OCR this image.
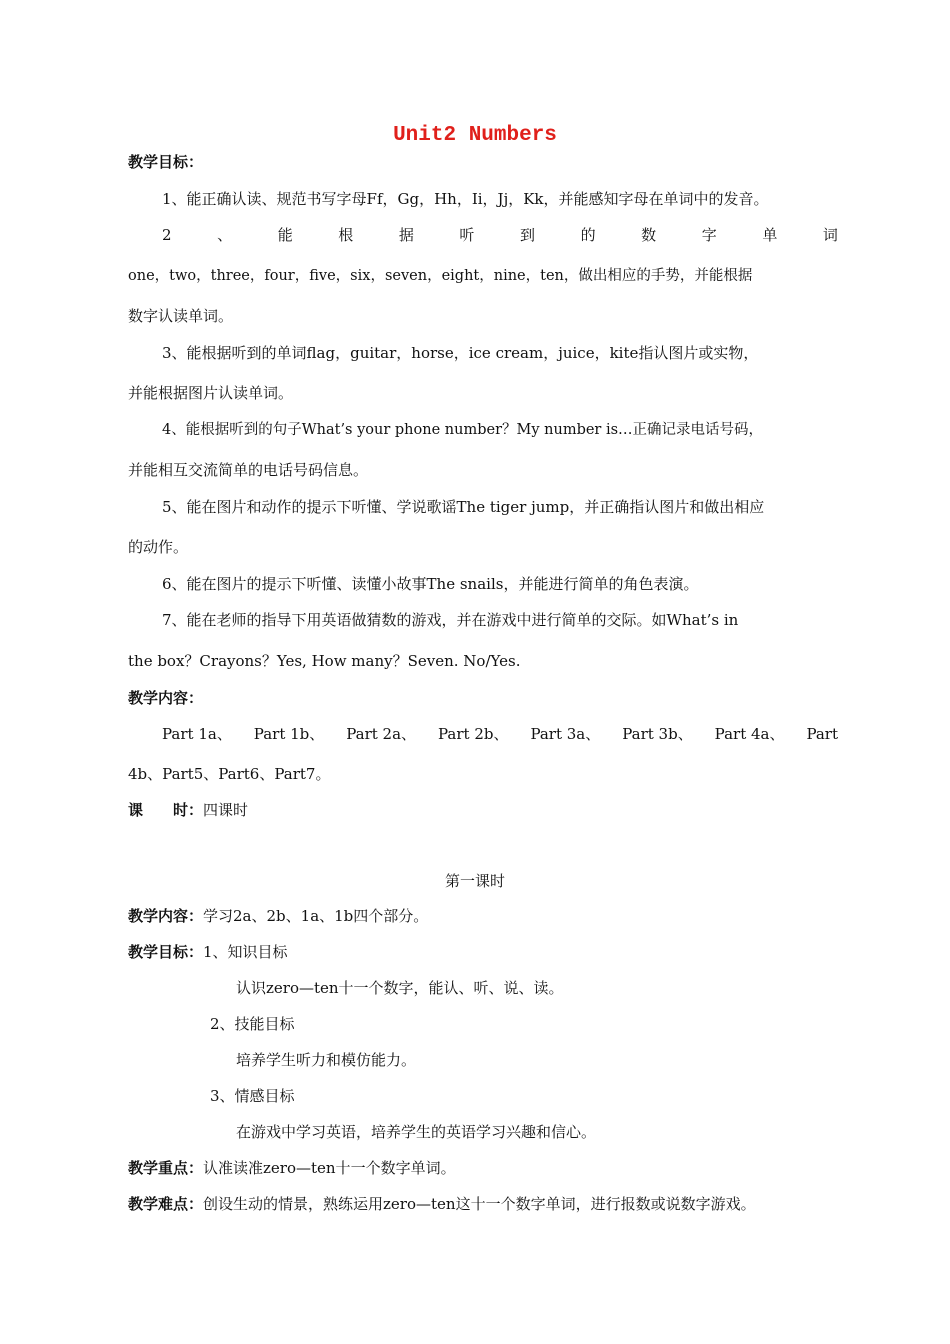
Unit2 Numbers
教学目标：
1、能正确认读、规范书写字母Ff，Gg，Hh，Ii，Jj，Kk，并能感知字母在单词中的发音。
2	、	能	根	据	听	到	的	数	字	单	词
one，two，three，four，five，six，seven，eight，nine，ten，做出相应的手势，并能根据
数字认读单词。
3、能根据听到的单词flag，guitar，horse，ice cream，juice，kite指认图片或实物，
并能根据图片认读单词。
4、能根据听到的句子What’s your phone number？My number is…正确记录电话号码，
并能相互交流简单的电话号码信息。
5、能在图片和动作的提示下听懂、学说歌谣The tiger jump，并正确指认图片和做出相应
的动作。
6、能在图片的提示下听懂、读懂小故事The snails，并能进行简单的角色表演。
7、能在老师的指导下用英语做猜数的游戏，并在游戏中进行简单的交际。如What’s in
the box？Crayons？Yes, How many？Seven. No/Yes.
教学内容：
Part 1a、 Part 1b、 Part 2a、 Part 2b、 Part 3a、 Part 3b、 Part 4a、 Part
4b、Part5、Part6、Part7。
课　　时：四课时
第一课时
教学内容：学习2a、2b、1a、1b四个部分。
教学目标：1、知识目标
认识zero—ten十一个数字，能认、听、说、读。
2、技能目标
培养学生听力和模仿能力。
3、情感目标
在游戏中学习英语，培养学生的英语学习兴趣和信心。
教学重点：认准读准zero—ten十一个数字单词。
教学难点：创设生动的情景，熟练运用zero—ten这十一个数字单词，进行报数或说数字游戏。
